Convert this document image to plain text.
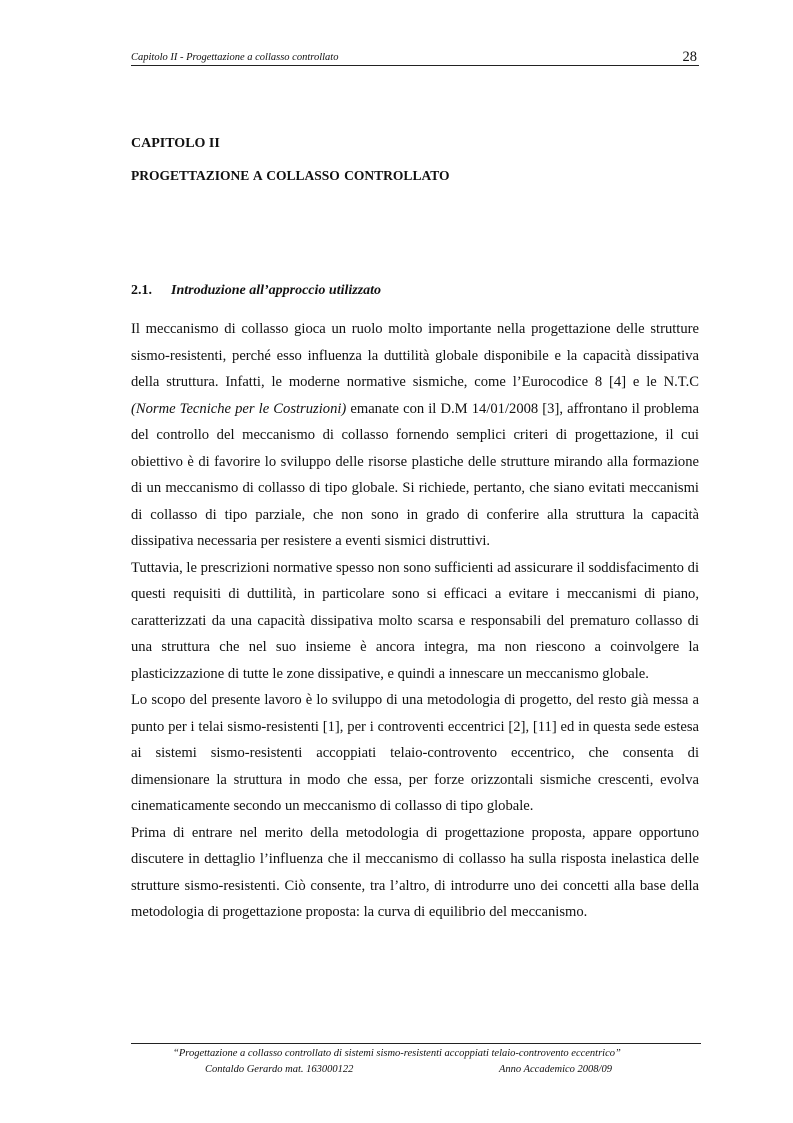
Capitolo II - Progettazione a collasso controllato	28
CAPITOLO II
PROGETTAZIONE A COLLASSO CONTROLLATO
2.1. Introduzione all’approccio utilizzato

Il meccanismo di collasso gioca un ruolo molto importante nella progettazione delle strutture sismo-resistenti, perché esso influenza la duttilità globale disponibile e la capacità dissipativa della struttura. Infatti, le moderne normative sismiche, come l’Eurocodice 8 [4] e le N.T.C (Norme Tecniche per le Costruzioni) emanate con il D.M 14/01/2008 [3], affrontano il problema del controllo del meccanismo di collasso fornendo semplici criteri di progettazione, il cui obiettivo è di favorire lo sviluppo delle risorse plastiche delle strutture mirando alla formazione di un meccanismo di collasso di tipo globale. Si richiede, pertanto, che siano evitati meccanismi di collasso di tipo parziale, che non sono in grado di conferire alla struttura la capacità dissipativa necessaria per resistere a eventi sismici distruttivi.

Tuttavia, le prescrizioni normative spesso non sono sufficienti ad assicurare il soddisfacimento di questi requisiti di duttilità, in particolare sono si efficaci a evitare i meccanismi di piano, caratterizzati da una capacità dissipativa molto scarsa e responsabili del prematuro collasso di una struttura che nel suo insieme è ancora integra, ma non riescono a coinvolgere la plasticizzazione di tutte le zone dissipative, e quindi a innescare un meccanismo globale.

Lo scopo del presente lavoro è lo sviluppo di una metodologia di progetto, del resto già messa a punto per i telai sismo-resistenti [1], per i controventi eccentrici [2], [11] ed in questa sede estesa ai sistemi sismo-resistenti accoppiati telaio-controvento eccentrico, che consenta di dimensionare la struttura in modo che essa, per forze orizzontali sismiche crescenti, evolva cinematicamente secondo un meccanismo di collasso di tipo globale.

Prima di entrare nel merito della metodologia di progettazione proposta, appare opportuno discutere in dettaglio l’influenza che il meccanismo di collasso ha sulla risposta inelastica delle strutture sismo-resistenti. Ciò consente, tra l’altro, di introdurre uno dei concetti alla base della metodologia di progettazione proposta: la curva di equilibrio del meccanismo.

“Progettazione a collasso controllato di sistemi sismo-resistenti accoppiati telaio-controvento eccentrico”
Contaldo Gerardo mat. 163000122	Anno Accademico 2008/09
